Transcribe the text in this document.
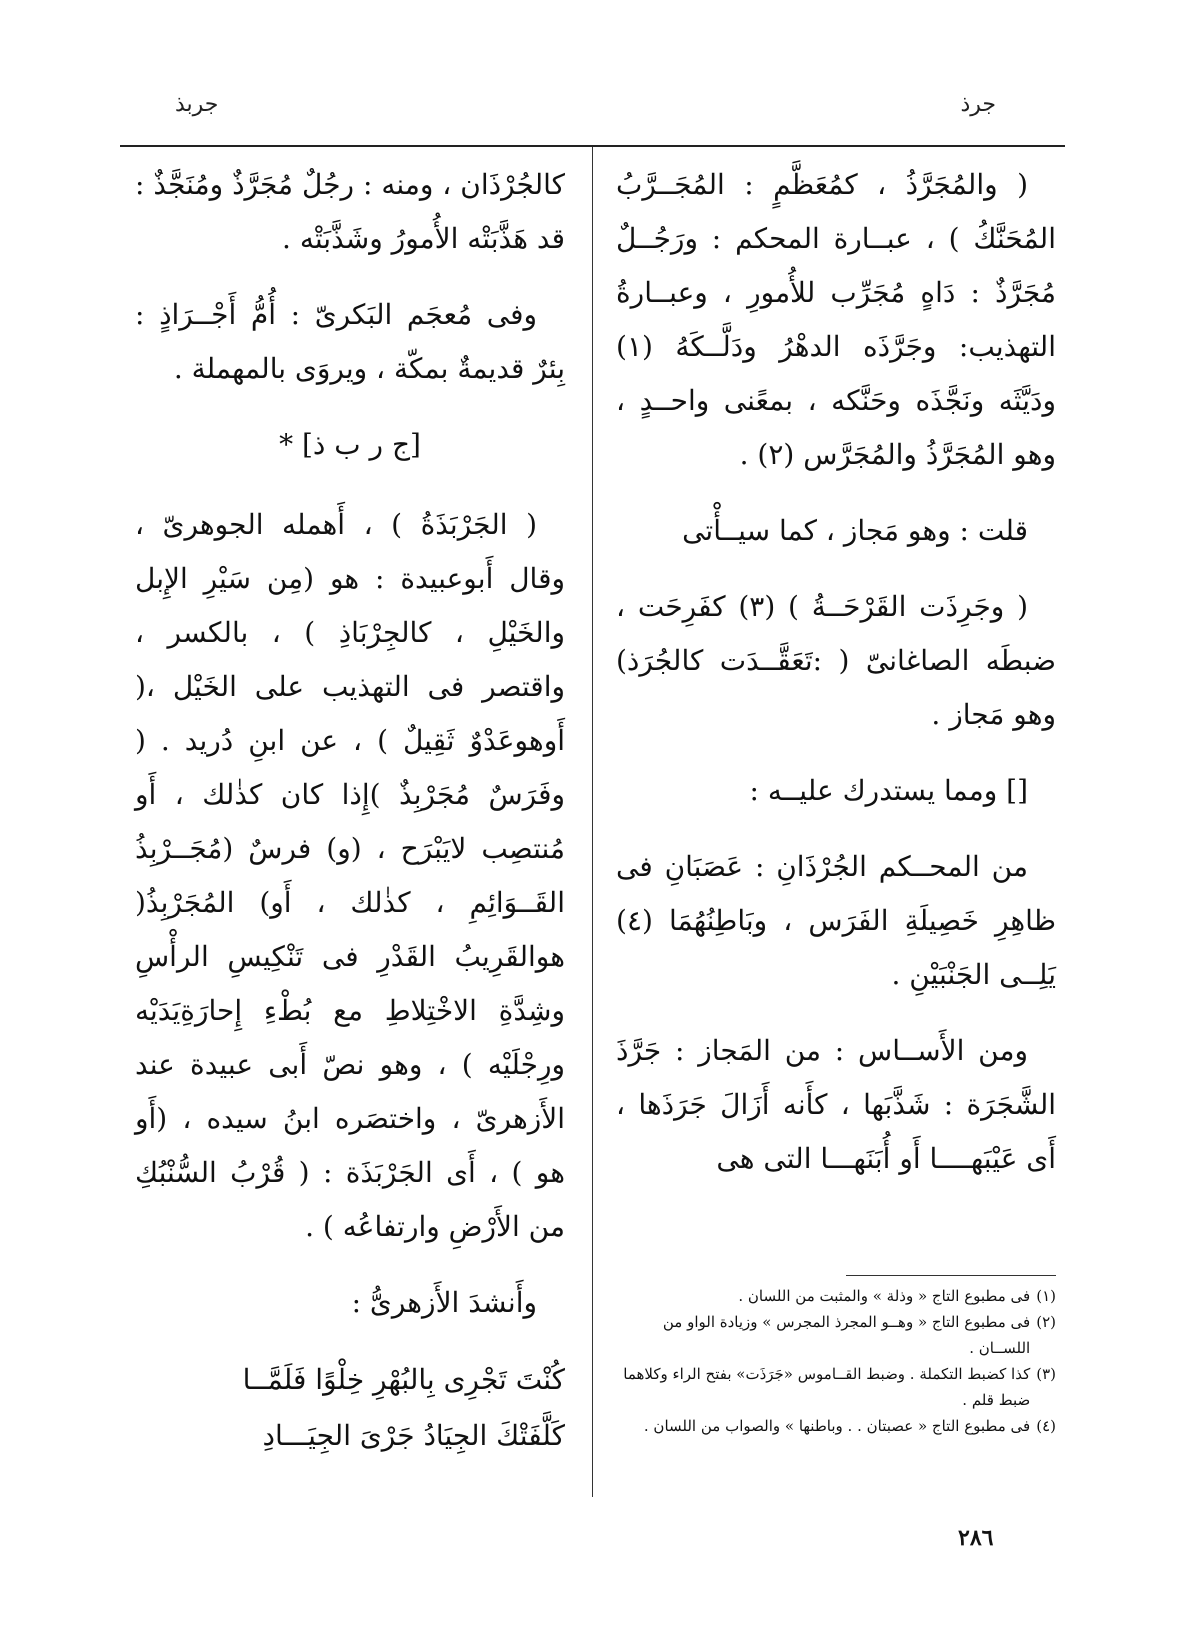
جرذ
جربذ

( والمُجَرَّذُ ، كمُعَظَّمٍ : المُجَــرَّبُ المُحَنَّكُ ) ، عبــارة المحكم : ورَجُــلٌ مُجَرَّذٌ : دَاهٍ مُجَرِّب للأُمورِ ، وعبــارةُ التهذيب: وجَرَّذَه الدهْرُ ودَلَّــكَهُ (١) ودَيَّثَه ونَجَّذَه وحَنَّكه ، بمعًنى واحــدٍ ، وهو المُجَرَّذُ والمُجَرَّس (٢) .

قلت : وهو مَجاز ، كما سيــأْتى

( وجَرِذَت القَرْحَــةُ ) (٣) كفَرِحَت ، ضبطَه الصاغانىّ ( :تَعَقَّــدَت كالجُرَذ) وهو مَجاز .

[] ومما يستدرك عليــه :

من المحــكم الجُرْذَانِ : عَصَبَانِ فى ظاهِرِ خَصِيلَةِ الفَرَس ، وبَاطِنُهُمَا (٤) يَلِــى الجَنْبَيْنِ .

ومن الأَســاس : من المَجاز : جَرَّذَ الشَّجَرَة : شَذَّبَها ، كأَنه أَزَالَ جَرَذَها ، أَى عَيْبَهــــا أَو أُبَنَهـــا التى هى

كالجُرْذَان ، ومنه : رجُلٌ مُجَرَّذٌ ومُنَجَّذٌ : قد هَذَّبَتْه الأُمورُ وشَذَّبَتْه .

وفى مُعجَم البَكرىّ : أُمُّ أَجْــرَاذٍ : بِئرٌ قديمةٌ بمكّة ، ويروَى بالمهملة .

[ج ر ب ذ] *

( الجَرْبَذَةُ ) ، أَهمله الجوهرىّ ، وقال أَبوعبيدة : هو (مِن سَيْرِ الإِبل والخَيْلِ ، كالجِرْبَاذِ ) ، بالكسر ، واقتصر فى التهذيب على الخَيْل ،( أَوهوعَدْوٌ ثَقِيلٌ ) ، عن ابنِ دُريد . ( وفَرَسٌ مُجَرْبِذٌ )إِذا كان كذٰلك ، أَو مُنتصِب لايَبْرَح ، (و) فرسٌ (مُجَــرْبِذُ القَــوَائِمِ ، كذٰلك ، أَو) المُجَرْبِذُ( هوالقَرِيبُ القَدْرِ فى تَنْكِيسِ الرأْسِ وشِدَّةِ الاخْتِلاطِ مع بُطْءِ إِحارَةِيَدَيْه ورِجْلَيْه ) ، وهو نصّ أَبى عبيدة عند الأَزهرىّ ، واختصَره ابنُ سيده ، (أَو هو ) ، أَى الجَرْبَذَة : ( قُرْبُ السُّنْبُكِ من الأَرْضِ وارتفاعُه ) .

وأَنشدَ الأَزهرىُّ :

كُنْتَ تَجْرِى بِالبُهْرِ خِلْوًا فَلَمَّــا
كَلَّفَتْكَ الجِيَادُ جَرْىَ الجِيَـــادِ

(١)
فى مطبوع التاج « وذلة » والمثبت من اللسان .

(٢)
فى مطبوع التاج « وهــو المجرذ المجرس » وزيادة الواو من اللســان .

(٣)
كذا كضبط التكملة . وضبط القــاموس «جَرَذَت» بفتح الراء وكلاهما ضبط قلم .

(٤)
فى مطبوع التاج « عصبتان . . وباطنها » والصواب من اللسان .

٢٨٦
